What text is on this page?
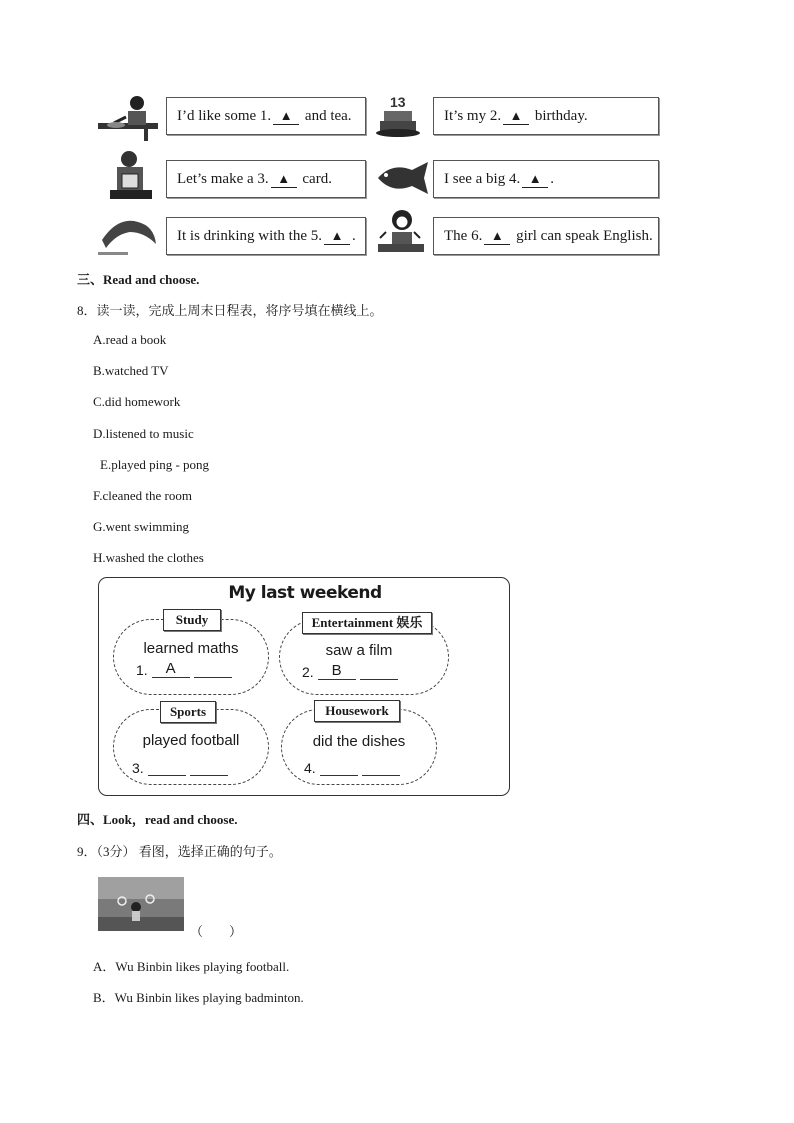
I’d like some 1. ▲
and tea.
13
It’s my 2. ▲
birthday.
Let’s make a 3. ▲
card.	I see a big 4. ▲ .
It is drinking with the 5. ▲ .	The 6. ▲
girl can speak English.
三、Read and choose.
8．读一读，完成上周末日程表，将序号填在横线上。
A.read a book
B.watched TV
C.did homework
D.listened to music
E.played ping - pong
F.cleaned the room
G.went swimming
H.washed the clothes
My last weekend
Study
learned maths
1. A
Entertainment 娱乐
saw a film
2. B
Sports
played football
3.
Housework
did the dishes
4.
四、Look，read and choose.
9．（3分） 看图，选择正确的句子。
（　　）
A．Wu Binbin likes playing football.
B．Wu Binbin likes playing badminton.
